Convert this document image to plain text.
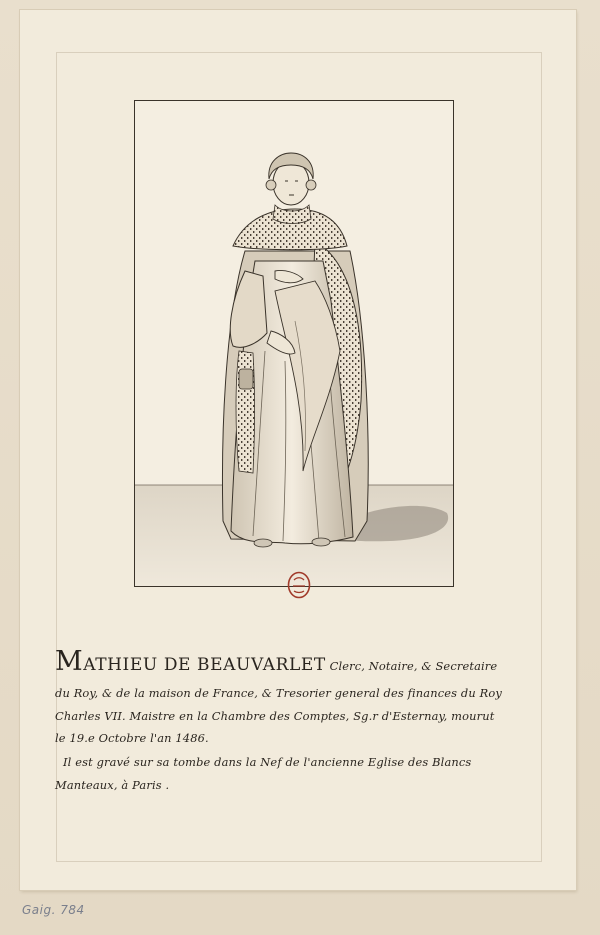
MATHIEU DE BEAUVARLET Clerc, Notaire, & Secretaire
du Roy, & de la maison de France, & Tresorier general des finances du Roy
Charles VII. Maistre en la Chambre des Comptes, Sg.r d'Esternay, mourut
le 19.e Octobre l'an 1486.
Il est gravé sur sa tombe dans la Nef de l'ancienne Eglise des Blancs
Manteaux, à Paris .
Gaig. 784
